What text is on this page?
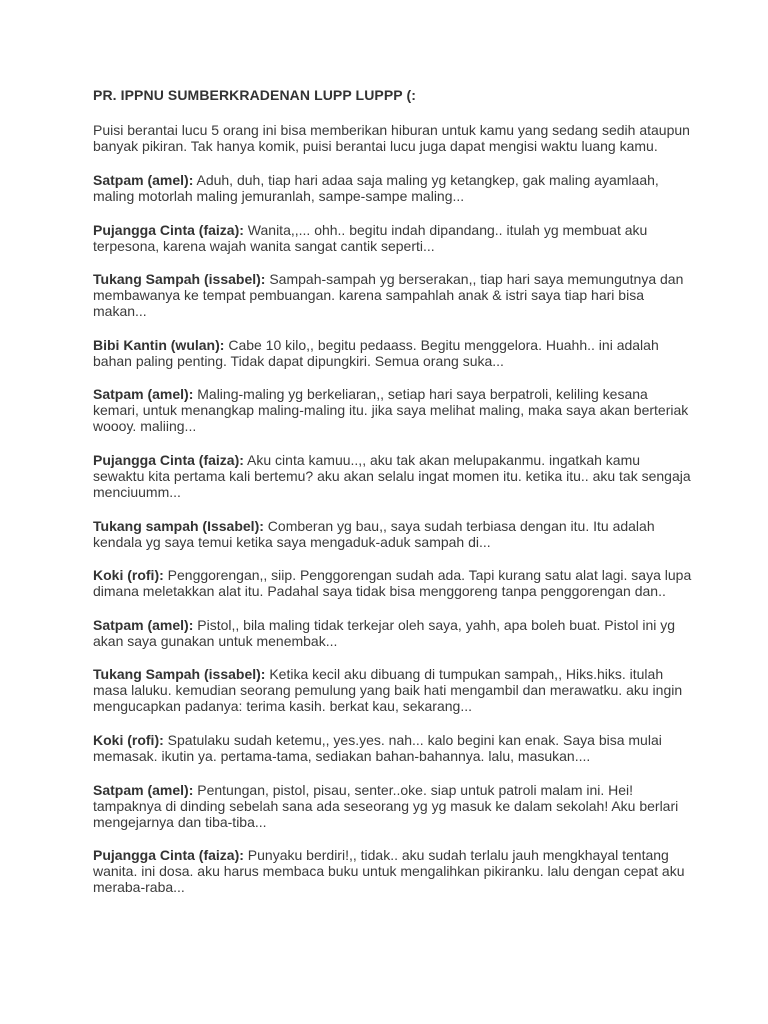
PR. IPPNU SUMBERKRADENAN LUPP LUPPP (:
Puisi berantai lucu 5 orang ini bisa memberikan hiburan untuk kamu yang sedang sedih ataupun banyak pikiran. Tak hanya komik, puisi berantai lucu juga dapat mengisi waktu luang kamu.
Satpam (amel): Aduh, duh, tiap hari adaa saja maling yg ketangkep, gak maling ayamlaah, maling motorlah maling jemuranlah, sampe-sampe maling...
Pujangga Cinta (faiza): Wanita,,... ohh.. begitu indah dipandang.. itulah yg membuat aku terpesona, karena wajah wanita sangat cantik seperti...
Tukang Sampah (issabel): Sampah-sampah yg berserakan,, tiap hari saya memungutnya dan membawanya ke tempat pembuangan. karena sampahlah anak & istri saya tiap hari bisa makan...
Bibi Kantin (wulan): Cabe 10 kilo,, begitu pedaass. Begitu menggelora. Huahh.. ini adalah bahan paling penting. Tidak dapat dipungkiri. Semua orang suka...
Satpam (amel): Maling-maling yg berkeliaran,, setiap hari saya berpatroli, keliling kesana kemari, untuk menangkap maling-maling itu. jika saya melihat maling, maka saya akan berteriak woooy. maliing...
Pujangga Cinta (faiza): Aku cinta kamuu..,, aku tak akan melupakanmu. ingatkah kamu sewaktu kita pertama kali bertemu? aku akan selalu ingat momen itu. ketika itu.. aku tak sengaja menciuumm...
Tukang sampah (Issabel): Comberan yg bau,, saya sudah terbiasa dengan itu. Itu adalah kendala yg saya temui ketika saya mengaduk-aduk sampah di...
Koki (rofi): Penggorengan,, siip. Penggorengan sudah ada. Tapi kurang satu alat lagi. saya lupa dimana meletakkan alat itu. Padahal saya tidak bisa menggoreng tanpa penggorengan dan..
Satpam (amel): Pistol,, bila maling tidak terkejar oleh saya, yahh, apa boleh buat. Pistol ini yg akan saya gunakan untuk menembak...
Tukang Sampah (issabel): Ketika kecil aku dibuang di tumpukan sampah,, Hiks.hiks. itulah masa laluku. kemudian seorang pemulung yang baik hati mengambil dan merawatku. aku ingin mengucapkan padanya: terima kasih. berkat kau, sekarang...
Koki (rofi): Spatulaku sudah ketemu,, yes.yes. nah... kalo begini kan enak. Saya bisa mulai memasak. ikutin ya. pertama-tama, sediakan bahan-bahannya. lalu, masukan....
Satpam (amel): Pentungan, pistol, pisau, senter..oke. siap untuk patroli malam ini. Hei! tampaknya di dinding sebelah sana ada seseorang yg yg masuk ke dalam sekolah! Aku berlari mengejarnya dan tiba-tiba...
Pujangga Cinta (faiza): Punyaku berdiri!,, tidak.. aku sudah terlalu jauh mengkhayal tentang wanita. ini dosa. aku harus membaca buku untuk mengalihkan pikiranku. lalu dengan cepat aku meraba-raba...
